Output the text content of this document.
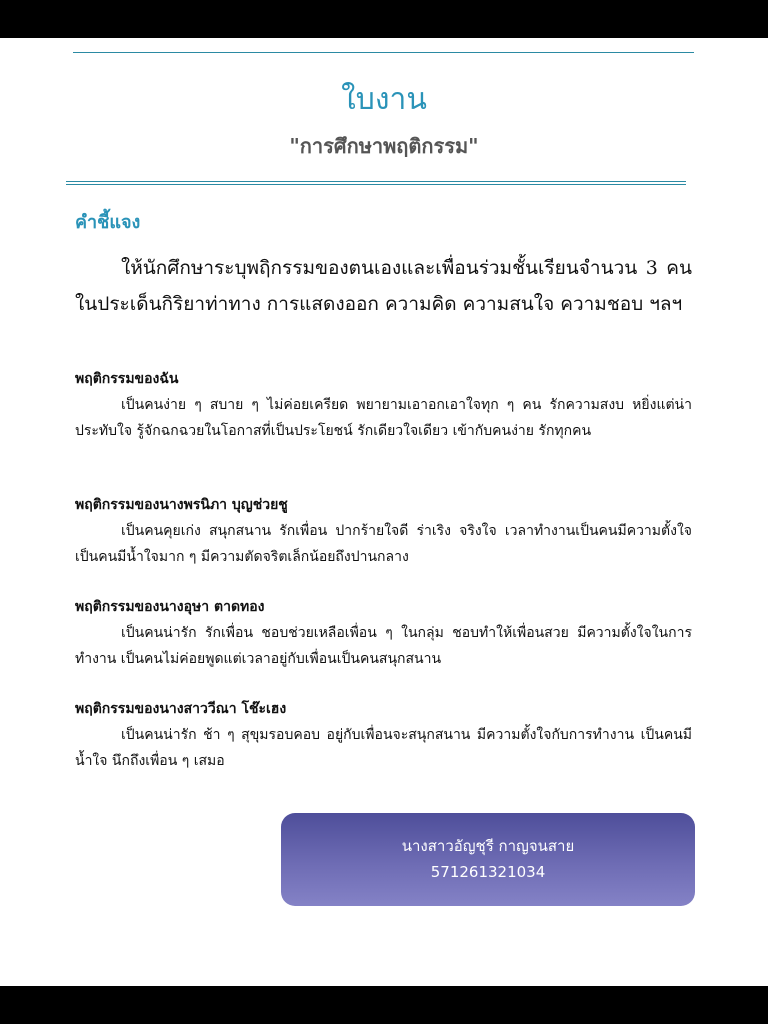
ใบงาน
"การศึกษาพฤติกรรม"
คำชี้แจง

ให้นักศึกษาระบุพฤิกรรมของตนเองและเพื่อนร่วมชั้นเรียนจำนวน 3 คน ในประเด็นกิริยาท่าทาง การแสดงออก ความคิด ความสนใจ ความชอบ ฯลฯ

พฤติกรรมของฉัน

เป็นคนง่าย ๆ สบาย ๆ ไม่ค่อยเครียด พยายามเอาอกเอาใจทุก ๆ คน รักความสงบ หยิ่งแต่น่าประทับใจ รู้จักฉกฉวยในโอกาสที่เป็นประโยชน์ รักเดียวใจเดียว เข้ากับคนง่าย รักทุกคน

พฤติกรรมของนางพรนิภา บุญช่วยชู

เป็นคนคุยเก่ง สนุกสนาน รักเพื่อน ปากร้ายใจดี ร่าเริง จริงใจ เวลาทำงานเป็นคนมีความตั้งใจ เป็นคนมีน้ำใจมาก ๆ มีความตัดจริตเล็กน้อยถึงปานกลาง

พฤติกรรมของนางอุษา ตาดทอง

เป็นคนน่ารัก รักเพื่อน ชอบช่วยเหลือเพื่อน ๆ ในกลุ่ม ชอบทำให้เพื่อนสวย มีความตั้งใจในการทำงาน เป็นคนไม่ค่อยพูดแต่เวลาอยู่กับเพื่อนเป็นคนสนุกสนาน

พฤติกรรมของนางสาววีณา โช๊ะเฮง

เป็นคนน่ารัก ช้า ๆ สุขุมรอบคอบ อยู่กับเพื่อนจะสนุกสนาน มีความตั้งใจกับการทำงาน เป็นคนมีน้ำใจ นึกถึงเพื่อน ๆ เสมอ

นางสาวอัญชุรี กาญจนสาย
571261321034
